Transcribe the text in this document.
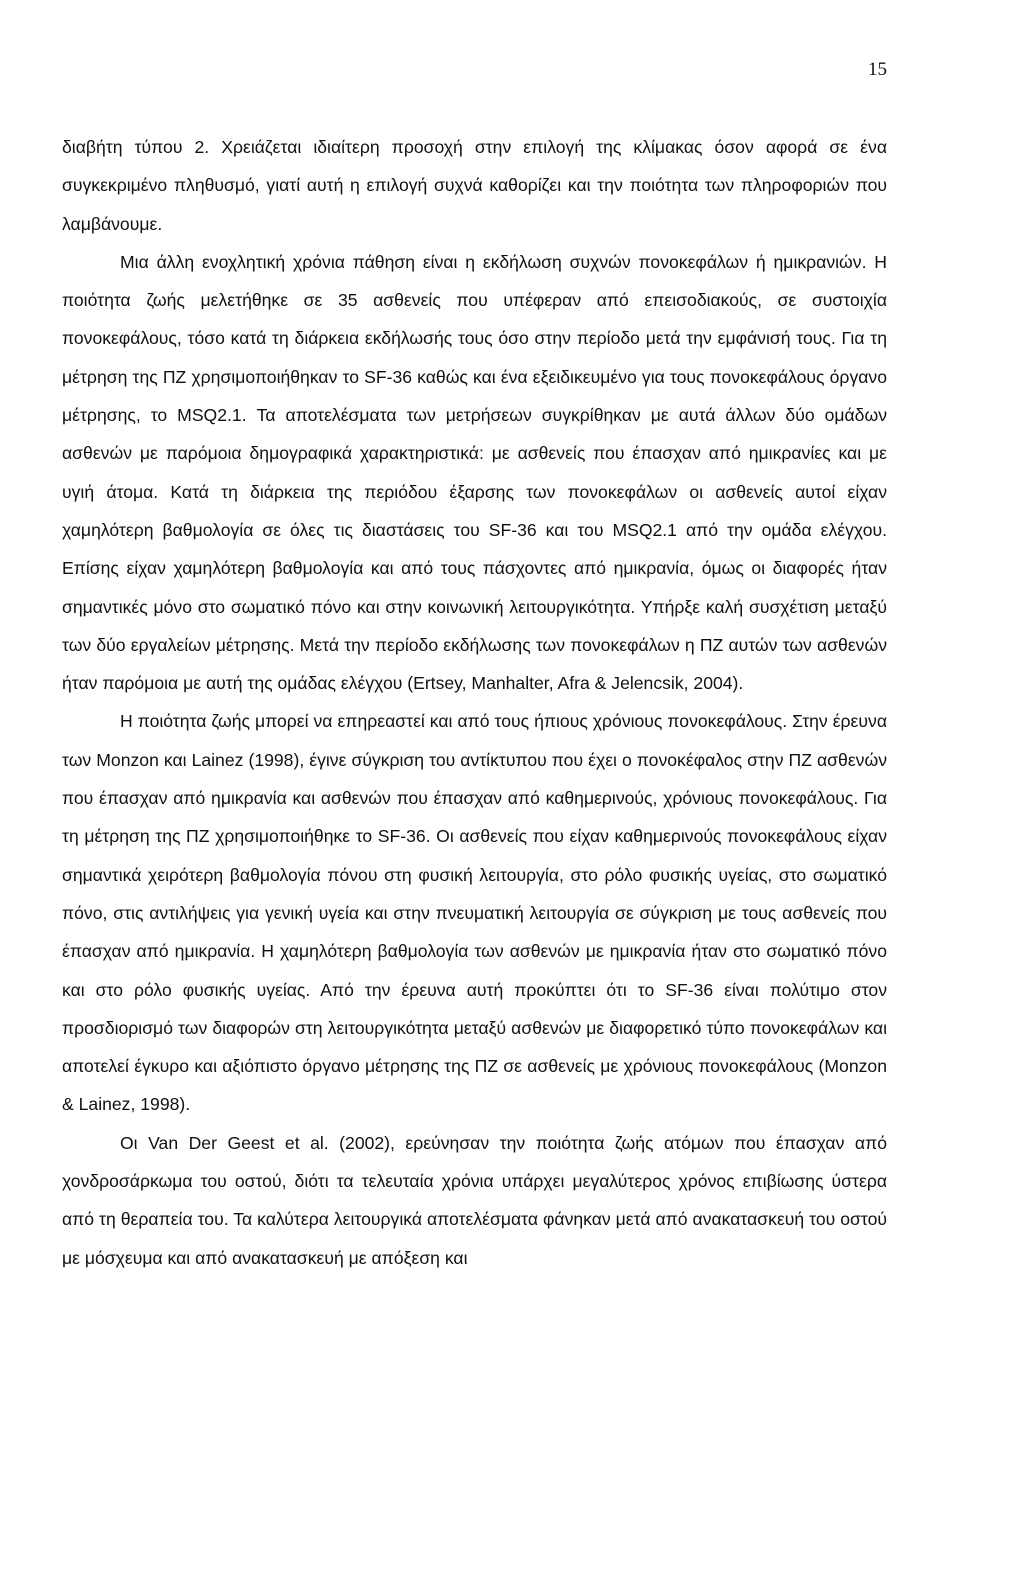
15

διαβήτη τύπου 2. Χρειάζεται ιδιαίτερη προσοχή στην επιλογή της κλίμακας όσον αφορά σε ένα συγκεκριμένο πληθυσμό, γιατί αυτή η επιλογή συχνά καθορίζει και την ποιότητα των πληροφοριών που λαμβάνουμε.

Μια άλλη ενοχλητική χρόνια πάθηση είναι η εκδήλωση συχνών πονοκεφάλων ή ημικρανιών. Η ποιότητα ζωής μελετήθηκε σε 35 ασθενείς που υπέφεραν από επεισοδιακούς, σε συστοιχία πονοκεφάλους, τόσο κατά τη διάρκεια εκδήλωσής τους όσο στην περίοδο μετά την εμφάνισή τους. Για τη μέτρηση της ΠΖ χρησιμοποιήθηκαν το SF-36 καθώς και ένα εξειδικευμένο για τους πονοκεφάλους όργανο μέτρησης, το MSQ2.1. Τα αποτελέσματα των μετρήσεων συγκρίθηκαν με αυτά άλλων δύο ομάδων ασθενών με παρόμοια δημογραφικά χαρακτηριστικά: με ασθενείς που έπασχαν από ημικρανίες και με υγιή άτομα. Κατά τη διάρκεια της περιόδου έξαρσης των πονοκεφάλων οι ασθενείς αυτοί είχαν χαμηλότερη βαθμολογία σε όλες τις διαστάσεις του SF-36 και του MSQ2.1 από την ομάδα ελέγχου. Επίσης είχαν χαμηλότερη βαθμολογία και από τους πάσχοντες από ημικρανία, όμως οι διαφορές ήταν σημαντικές μόνο στο σωματικό πόνο και στην κοινωνική λειτουργικότητα. Υπήρξε καλή συσχέτιση μεταξύ των δύο εργαλείων μέτρησης. Μετά την περίοδο εκδήλωσης των πονοκεφάλων η ΠΖ αυτών των ασθενών ήταν παρόμοια με αυτή της ομάδας ελέγχου (Ertsey, Manhalter, Afra & Jelencsik, 2004).

Η ποιότητα ζωής μπορεί να επηρεαστεί και από τους ήπιους χρόνιους πονοκεφάλους. Στην έρευνα των Monzon και Lainez (1998), έγινε σύγκριση του αντίκτυπου που έχει ο πονοκέφαλος στην ΠΖ ασθενών που έπασχαν από ημικρανία και ασθενών που έπασχαν από καθημερινούς, χρόνιους πονοκεφάλους. Για τη μέτρηση της ΠΖ χρησιμοποιήθηκε το SF-36. Οι ασθενείς που είχαν καθημερινούς πονοκεφάλους είχαν σημαντικά χειρότερη βαθμολογία πόνου στη φυσική λειτουργία, στο ρόλο φυσικής υγείας, στο σωματικό πόνο, στις αντιλήψεις για γενική υγεία και στην πνευματική λειτουργία σε σύγκριση με τους ασθενείς που έπασχαν από ημικρανία. Η χαμηλότερη βαθμολογία των ασθενών με ημικρανία ήταν στο σωματικό πόνο και στο ρόλο φυσικής υγείας. Από την έρευνα αυτή προκύπτει ότι το SF-36 είναι πολύτιμο στον προσδιορισμό των διαφορών στη λειτουργικότητα μεταξύ ασθενών με διαφορετικό τύπο πονοκεφάλων και αποτελεί έγκυρο και αξιόπιστο όργανο μέτρησης της ΠΖ σε ασθενείς με χρόνιους πονοκεφάλους (Monzon & Lainez, 1998).

Οι Van Der Geest et al. (2002), ερεύνησαν την ποιότητα ζωής ατόμων που έπασχαν από χονδροσάρκωμα του οστού, διότι τα τελευταία χρόνια υπάρχει μεγαλύτερος χρόνος επιβίωσης ύστερα από τη θεραπεία του. Τα καλύτερα λειτουργικά αποτελέσματα φάνηκαν μετά από ανακατασκευή του οστού με μόσχευμα και από ανακατασκευή με απόξεση και
